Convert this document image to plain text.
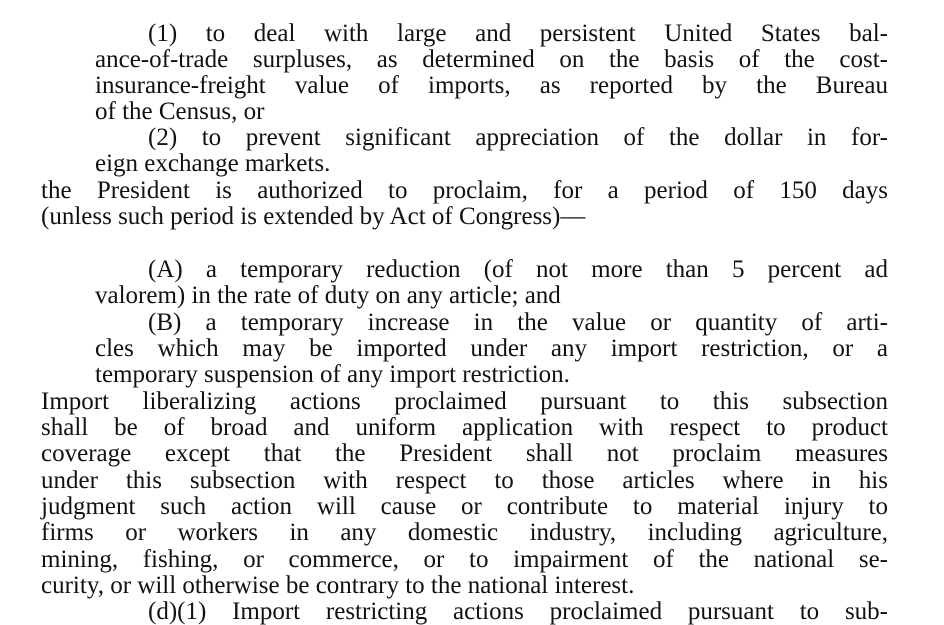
(1) to deal with large and persistent United States bal-
ance-of-trade surpluses, as determined on the basis of the cost-
insurance-freight value of imports, as reported by the Bureau
of the Census, or
(2) to prevent significant appreciation of the dollar in for-
eign exchange markets.
the President is authorized to proclaim, for a period of 150 days
(unless such period is extended by Act of Congress)—
(A) a temporary reduction (of not more than 5 percent ad
valorem) in the rate of duty on any article; and
(B) a temporary increase in the value or quantity of arti-
cles which may be imported under any import restriction, or a
temporary suspension of any import restriction.
Import liberalizing actions proclaimed pursuant to this subsection
shall be of broad and uniform application with respect to product
coverage except that the President shall not proclaim measures
under this subsection with respect to those articles where in his
judgment such action will cause or contribute to material injury to
firms or workers in any domestic industry, including agriculture,
mining, fishing, or commerce, or to impairment of the national se-
curity, or will otherwise be contrary to the national interest.
(d)(1) Import restricting actions proclaimed pursuant to sub-
